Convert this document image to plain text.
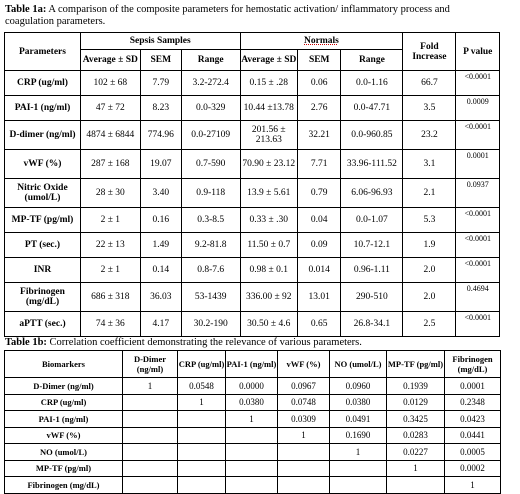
Table 1a: A comparison of the composite parameters for hemostatic activation/ inflammatory process and coagulation parameters.
Parameters	Sepsis Samples			Normals			Fold Increase	P value
	Average ± SD	SEM	Range	Average ± SD	SEM	Range		
CRP (ug/ml)	102 ± 68	7.79	3.2-272.4	0.15 ± .28	0.06	0.0-1.16	66.7	<0.0001
PAI-1 (ng/ml)	47 ± 72	8.23	0.0-329	10.44 ±13.78	2.76	0.0-47.71	3.5	0.0009
D-dimer (ng/ml)	4874 ± 6844	774.96	0.0-27109	201.56 ± 213.63	32.21	0.0-960.85	23.2	<0.0001
vWF (%)	287 ± 168	19.07	0.7-590	70.90 ± 23.12	7.71	33.96-111.52	3.1	0.0001
Nitric Oxide (umol/L)	28 ± 30	3.40	0.9-118	13.9 ± 5.61	0.79	6.06-96.93	2.1	0.0937
MP-TF (pg/ml)	2 ± 1	0.16	0.3-8.5	0.33 ± .30	0.04	0.0-1.07	5.3	<0.0001
PT (sec.)	22 ± 13	1.49	9.2-81.8	11.50 ± 0.7	0.09	10.7-12.1	1.9	<0.0001
INR	2 ± 1	0.14	0.8-7.6	0.98 ± 0.1	0.014	0.96-1.11	2.0	<0.0001
Fibrinogen (mg/dL)	686 ± 318	36.03	53-1439	336.00 ± 92	13.01	290-510	2.0	0.4694
aPTT (sec.)	74 ± 36	4.17	30.2-190	30.50 ± 4.6	0.65	26.8-34.1	2.5	<0.0001
Table 1b: Correlation coefficient demonstrating the relevance of various parameters.
Biomarkers	D-Dimer (ng/ml)	CRP (ug/ml)	PAI-1 (ng/ml)	vWF (%)	NO (umol/L)	MP-TF (pg/ml)	Fibrinogen (mg/dL)
D-Dimer (ng/ml)	1	0.0548	0.0000	0.0967	0.0960	0.1939	0.0001
CRP (ug/ml)		1	0.0380	0.0748	0.0380	0.0129	0.2348
PAI-1 (ng/ml)			1	0.0309	0.0491	0.3425	0.0423
vWF (%)				1	0.1690	0.0283	0.0441
NO (umol/L)					1	0.0227	0.0005
MP-TF (pg/ml)						1	0.0002
Fibrinogen (mg/dL)							1
